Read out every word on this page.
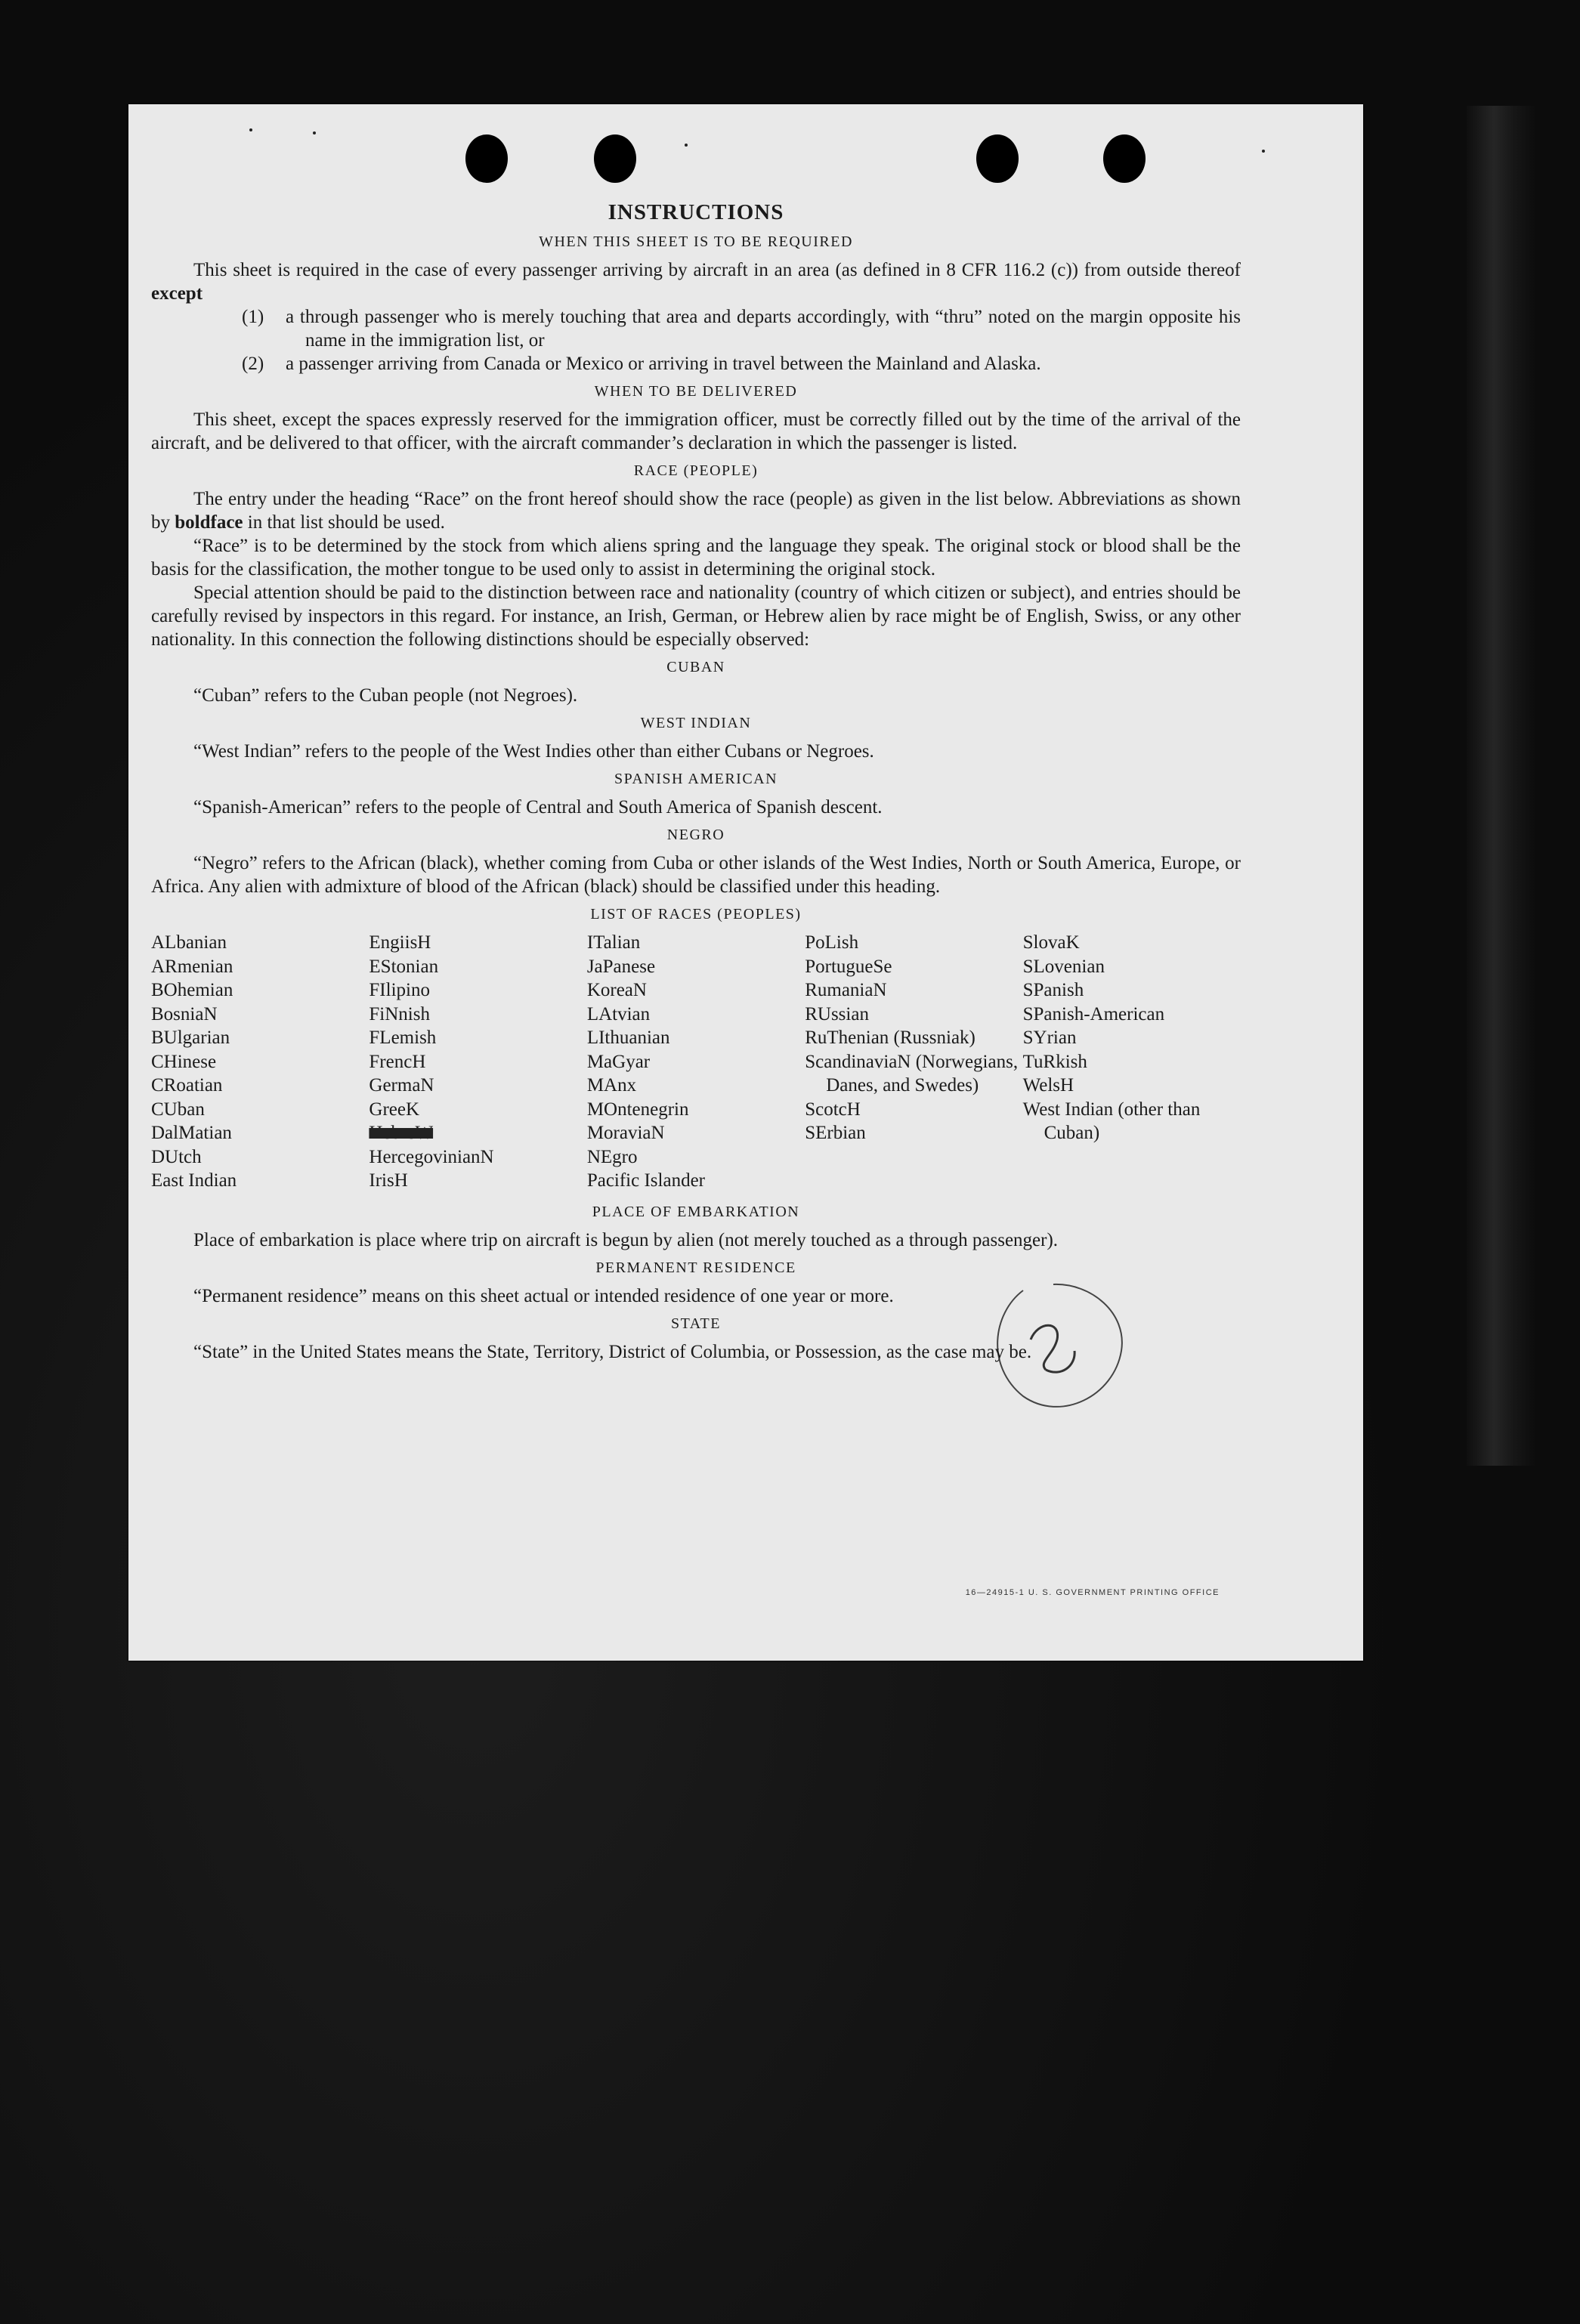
INSTRUCTIONS
WHEN THIS SHEET IS TO BE REQUIRED

This sheet is required in the case of every passenger arriving by aircraft in an area (as defined in 8 CFR 116.2 (c)) from outside thereof except

(1) a through passenger who is merely touching that area and departs accordingly, with “thru” noted on the margin opposite his name in the immigration list, or

(2) a passenger arriving from Canada or Mexico or arriving in travel between the Mainland and Alaska.

WHEN TO BE DELIVERED

This sheet, except the spaces expressly reserved for the immigration officer, must be correctly filled out by the time of the arrival of the aircraft, and be delivered to that officer, with the aircraft commander’s declaration in which the passenger is listed.

RACE (PEOPLE)

The entry under the heading “Race” on the front hereof should show the race (people) as given in the list below. Abbreviations as shown by boldface in that list should be used.

“Race” is to be determined by the stock from which aliens spring and the language they speak. The original stock or blood shall be the basis for the classification, the mother tongue to be used only to assist in determining the original stock.

Special attention should be paid to the distinction between race and nationality (country of which citizen or subject), and entries should be carefully revised by inspectors in this regard. For instance, an Irish, German, or Hebrew alien by race might be of English, Swiss, or any other nationality. In this connection the following distinctions should be especially observed:

CUBAN

“Cuban” refers to the Cuban people (not Negroes).

WEST INDIAN

“West Indian” refers to the people of the West Indies other than either Cubans or Negroes.

SPANISH AMERICAN

“Spanish-American” refers to the people of Central and South America of Spanish descent.

NEGRO

“Negro” refers to the African (black), whether coming from Cuba or other islands of the West Indies, North or South America, Europe, or Africa. Any alien with admixture of blood of the African (black) should be classified under this heading.

LIST OF RACES (PEOPLES)
ALbanian
ARmenian
BOhemian
BosniaN
BUlgarian
CHinese
CRoatian
CUban
DalMatian
DUtch
East Indian
EngiisH
EStonian
FIlipino
FiNnish
FLemish
FrencH
GermaN
GreeK
HebreW
HercegovinianN
IrisH
ITalian
JaPanese
KoreaN
LAtvian
LIthuanian
MaGyar
MAnx
MOntenegrin
MoraviaN
NEgro
Pacific Islander
PoLish
PortugueSe
RumaniaN
RUssian
RuThenian (Russniak)
ScandinaviaN (Norwegians, Danes, and Swedes)
ScotcH
SErbian
SlovaK
SLovenian
SPanish
SPanish-American
SYrian
TuRkish
WelsH
West Indian (other than Cuban)
PLACE OF EMBARKATION

Place of embarkation is place where trip on aircraft is begun by alien (not merely touched as a through passenger).

PERMANENT RESIDENCE

“Permanent residence” means on this sheet actual or intended residence of one year or more.

STATE

“State” in the United States means the State, Territory, District of Columbia, or Possession, as the case may be.

16—24915-1 U. S. GOVERNMENT PRINTING OFFICE
